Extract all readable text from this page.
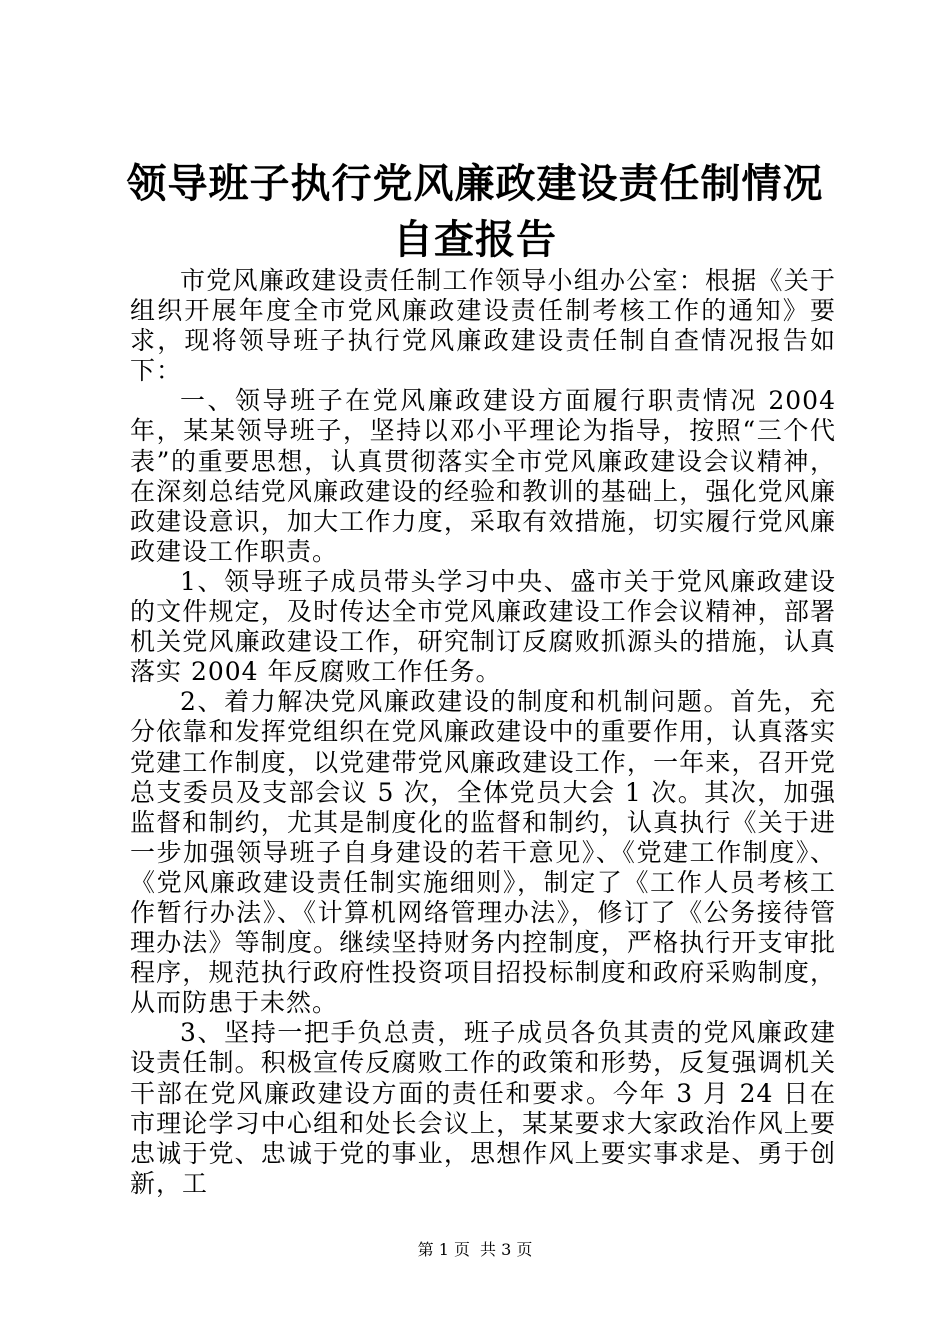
领导班子执行党风廉政建设责任制情况自查报告

市党风廉政建设责任制工作领导小组办公室：根据《关于组织开展年度全市党风廉政建设责任制考核工作的通知》要求，现将领导班子执行党风廉政建设责任制自查情况报告如下：

一、领导班子在党风廉政建设方面履行职责情况 2004 年，某某领导班子，坚持以邓小平理论为指导，按照“三个代表”的重要思想，认真贯彻落实全市党风廉政建设会议精神，在深刻总结党风廉政建设的经验和教训的基础上，强化党风廉政建设意识，加大工作力度，采取有效措施，切实履行党风廉政建设工作职责。

1、领导班子成员带头学习中央、盛市关于党风廉政建设的文件规定，及时传达全市党风廉政建设工作会议精神，部署机关党风廉政建设工作，研究制订反腐败抓源头的措施，认真落实 2004 年反腐败工作任务。

2、着力解决党风廉政建设的制度和机制问题。首先，充分依靠和发挥党组织在党风廉政建设中的重要作用，认真落实党建工作制度，以党建带党风廉政建设工作，一年来，召开党总支委员及支部会议 5 次，全体党员大会 1 次。其次，加强监督和制约，尤其是制度化的监督和制约，认真执行《关于进一步加强领导班子自身建设的若干意见》、《党建工作制度》、《党风廉政建设责任制实施细则》，制定了《工作人员考核工作暂行办法》、《计算机网络管理办法》，修订了《公务接待管理办法》等制度。继续坚持财务内控制度，严格执行开支审批程序，规范执行政府性投资项目招投标制度和政府采购制度，从而防患于未然。

3、坚持一把手负总责，班子成员各负其责的党风廉政建设责任制。积极宣传反腐败工作的政策和形势，反复强调机关干部在党风廉政建设方面的责任和要求。今年 3 月 24 日在市理论学习中心组和处长会议上，某某要求大家政治作风上要忠诚于党、忠诚于党的事业，思想作风上要实事求是、勇于创新，工

第 1 页 共 3 页
